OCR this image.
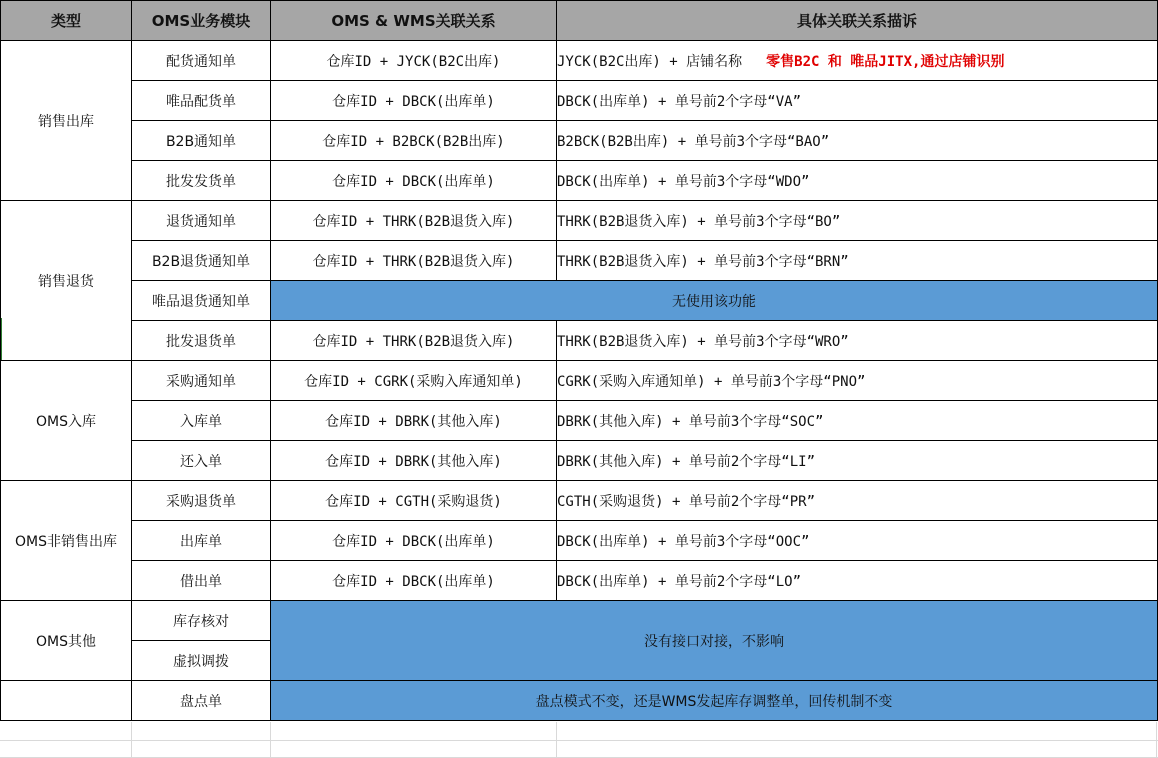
类型	OMS业务模块	OMS & WMS关联关系	具体关联关系描诉
销售出库	配货通知单	仓库ID + JYCK(B2C出库)	JYCK(B2C出库) + 店铺名称 零售B2C 和 唯品JITX,通过店铺识别
	唯品配货单	仓库ID + DBCK(出库单)	DBCK(出库单) + 单号前2个字母“VA”
	B2B通知单	仓库ID + B2BCK(B2B出库)	B2BCK(B2B出库) + 单号前3个字母“BAO”
	批发发货单	仓库ID + DBCK(出库单)	DBCK(出库单) + 单号前3个字母“WDO”
销售退货	退货通知单	仓库ID + THRK(B2B退货入库)	THRK(B2B退货入库) + 单号前3个字母“BO”
	B2B退货通知单	仓库ID + THRK(B2B退货入库)	THRK(B2B退货入库) + 单号前3个字母“BRN”
	唯品退货通知单	无使用该功能	
	批发退货单	仓库ID + THRK(B2B退货入库)	THRK(B2B退货入库) + 单号前3个字母“WRO”
OMS入库	采购通知单	仓库ID + CGRK(采购入库通知单)	CGRK(采购入库通知单) + 单号前3个字母“PNO”
	入库单	仓库ID + DBRK(其他入库)	DBRK(其他入库) + 单号前3个字母“SOC”
	还入单	仓库ID + DBRK(其他入库)	DBRK(其他入库) + 单号前2个字母“LI”
OMS非销售出库	采购退货单	仓库ID + CGTH(采购退货)	CGTH(采购退货) + 单号前2个字母“PR”
	出库单	仓库ID + DBCK(出库单)	DBCK(出库单) + 单号前3个字母“OOC”
	借出单	仓库ID + DBCK(出库单)	DBCK(出库单) + 单号前2个字母“LO”
OMS其他	库存核对	没有接口对接，不影响	
	虚拟调拨		
	盘点单	盘点模式不变，还是WMS发起库存调整单，回传机制不变	
